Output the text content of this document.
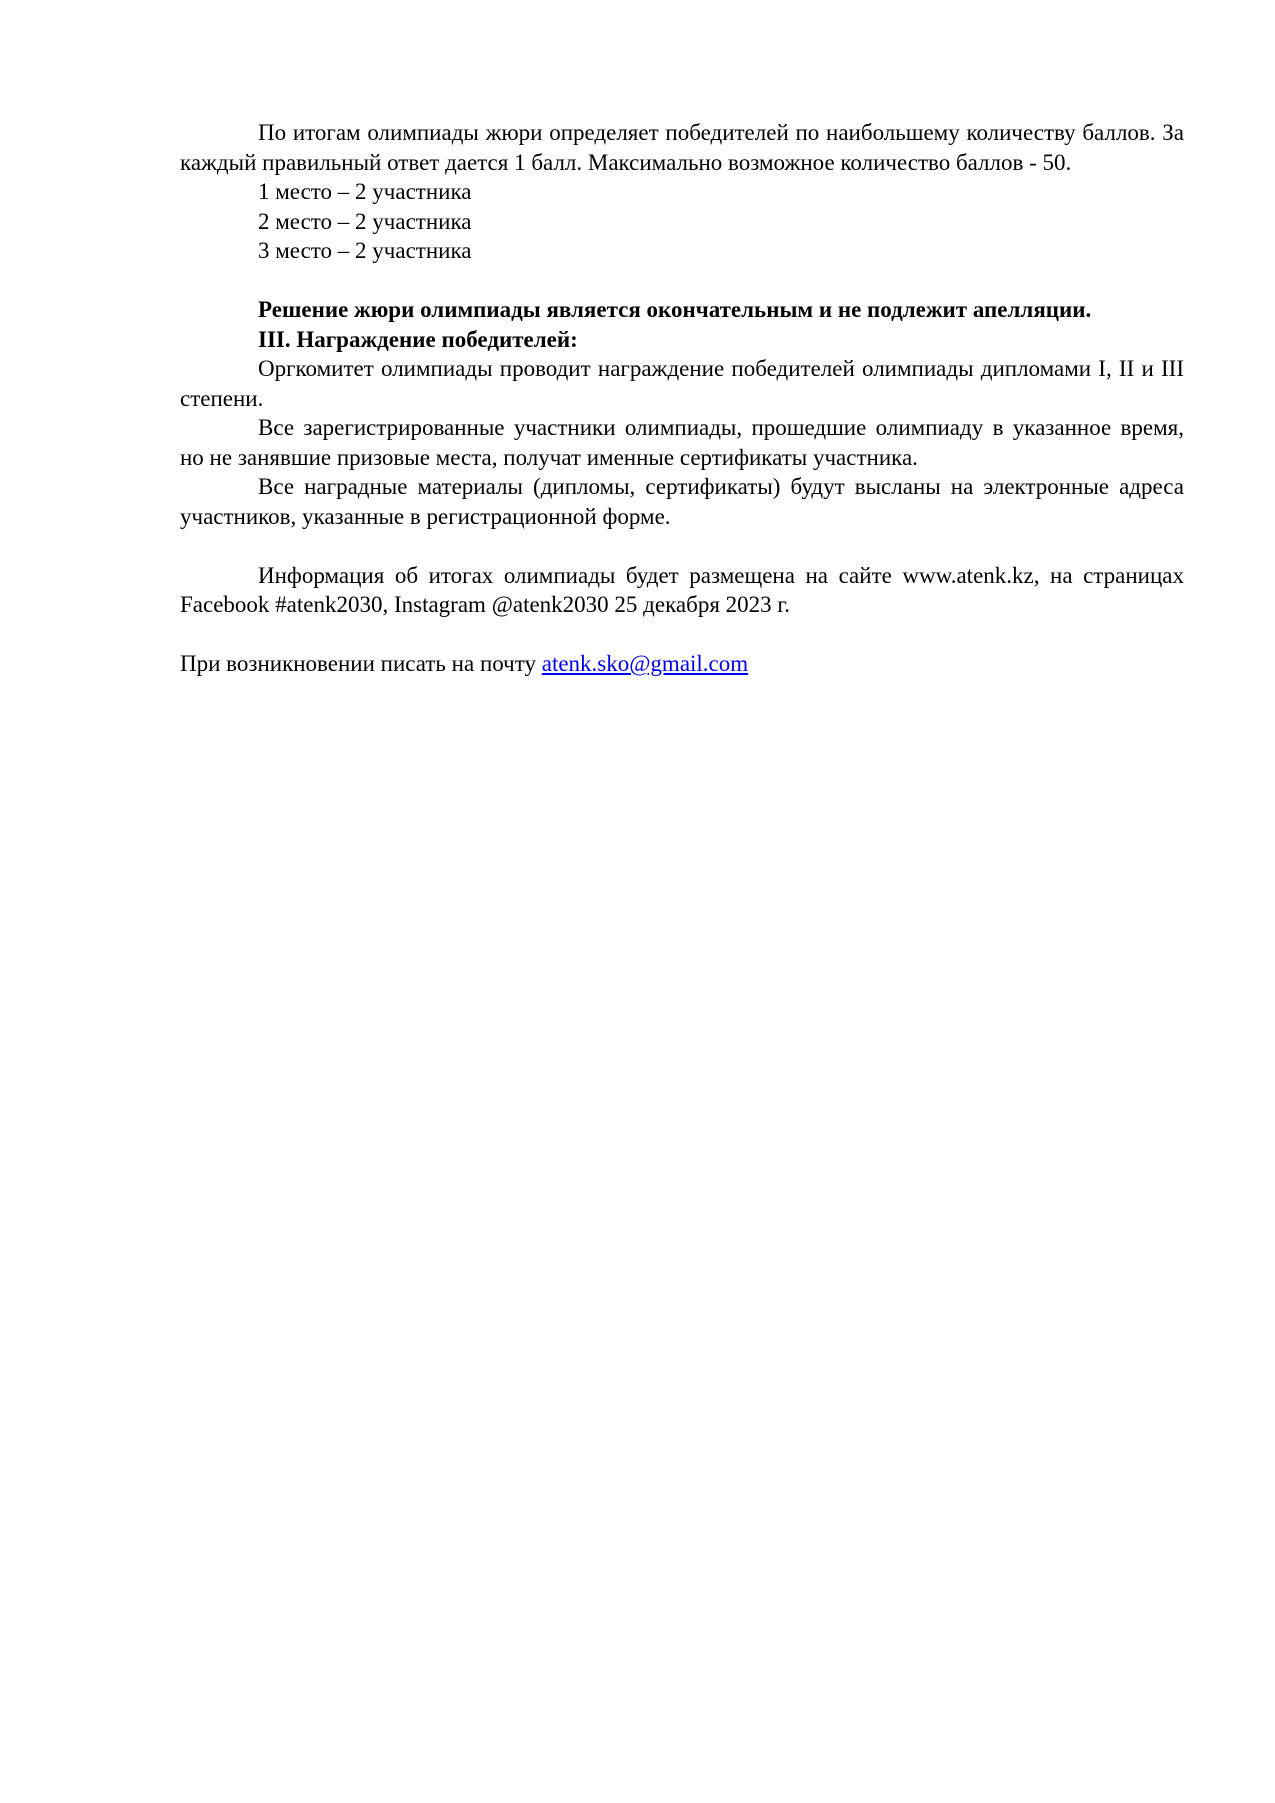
По итогам олимпиады жюри определяет победителей по наибольшему количеству баллов. За каждый правильный ответ дается 1 балл. Максимально возможное количество баллов - 50.

1 место – 2 участника
2 место – 2 участника
3 место – 2 участника

Решение жюри олимпиады является окончательным и не подлежит апелляции.

III. Награждение победителей:

Оргкомитет олимпиады проводит награждение победителей олимпиады дипломами I, II и III степени.

Все зарегистрированные участники олимпиады, прошедшие олимпиаду в указанное время, но не занявшие призовые места, получат именные сертификаты участника.

Все наградные материалы (дипломы, сертификаты) будут высланы на электронные адреса участников, указанные в регистрационной форме.

Информация об итогах олимпиады будет размещена на сайте www.atenk.kz, на страницах Facebook #atenk2030, Instagram @atenk2030 25 декабря 2023 г.

При возникновении писать на почту atenk.sko@gmail.com
